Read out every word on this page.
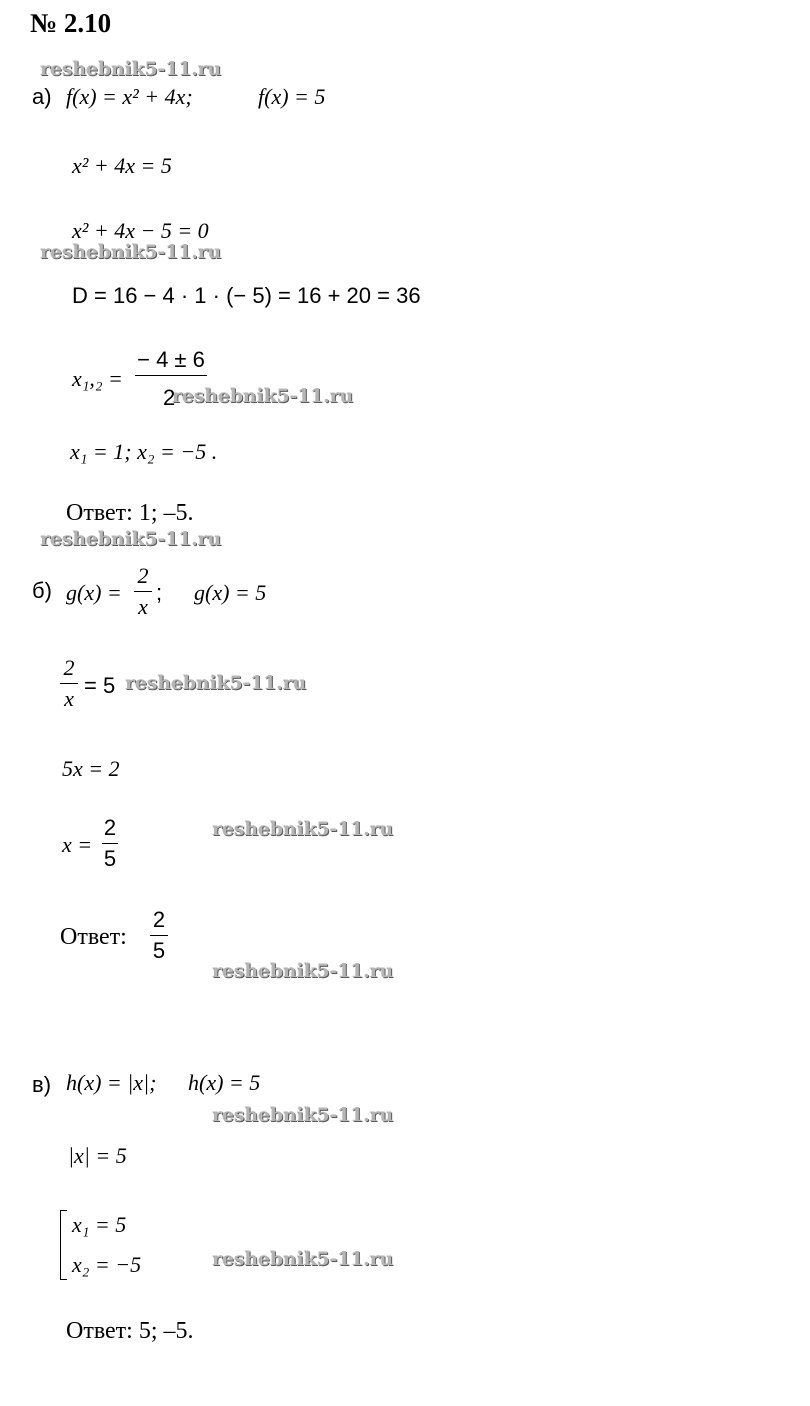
№ 2.10
reshebnik5-11.ru
reshebnik5-11.ru
reshebnik5-11.ru
reshebnik5-11.ru
reshebnik5-11.ru
reshebnik5-11.ru
reshebnik5-11.ru
reshebnik5-11.ru
reshebnik5-11.ru
а) f(x) = x² + 4x;	f(x) = 5
x² + 4x = 5
x² + 4x − 5 = 0
D = 16 − 4 · 1 · (− 5) = 16 + 20 = 36
x₁,₂ =
− 4 ± 6
2
x₁ = 1; x₂ = −5 .
Ответ: 1; –5.
б) g(x) =
2
x
; g(x) = 5
2
x
= 5
5x = 2
x =
2
5
Ответ:
2
5
в) h(x) = |x|; h(x) = 5
|x| = 5
x₁ = 5
x₂ = −5
Ответ: 5; –5.
